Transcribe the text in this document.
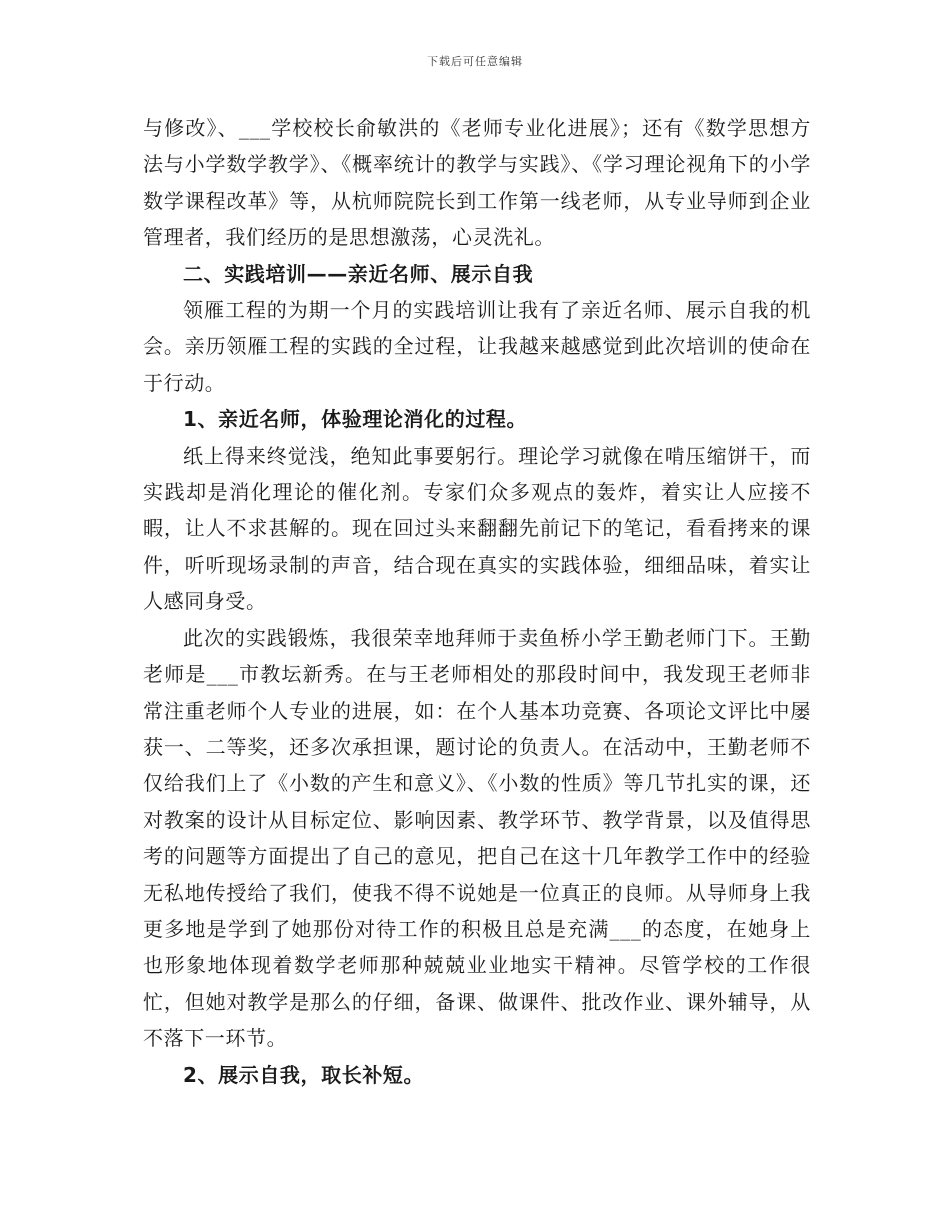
下载后可任意编辑

与修改》、___学校校长俞敏洪的《老师专业化进展》；还有《数学思想方法与小学数学教学》、《概率统计的教学与实践》、《学习理论视角下的小学数学课程改革》等，从杭师院院长到工作第一线老师，从专业导师到企业管理者，我们经历的是思想激荡，心灵洗礼。

二、实践培训——亲近名师、展示自我

领雁工程的为期一个月的实践培训让我有了亲近名师、展示自我的机会。亲历领雁工程的实践的全过程，让我越来越感觉到此次培训的使命在于行动。

1、亲近名师，体验理论消化的过程。

纸上得来终觉浅，绝知此事要躬行。理论学习就像在啃压缩饼干，而实践却是消化理论的催化剂。专家们众多观点的轰炸，着实让人应接不暇，让人不求甚解的。现在回过头来翻翻先前记下的笔记，看看拷来的课件，听听现场录制的声音，结合现在真实的实践体验，细细品味，着实让人感同身受。

此次的实践锻炼，我很荣幸地拜师于卖鱼桥小学王勤老师门下。王勤老师是___市教坛新秀。在与王老师相处的那段时间中，我发现王老师非常注重老师个人专业的进展，如：在个人基本功竞赛、各项论文评比中屡获一、二等奖，还多次承担课，题讨论的负责人。在活动中，王勤老师不仅给我们上了《小数的产生和意义》、《小数的性质》等几节扎实的课，还对教案的设计从目标定位、影响因素、教学环节、教学背景，以及值得思考的问题等方面提出了自己的意见，把自己在这十几年教学工作中的经验无私地传授给了我们，使我不得不说她是一位真正的良师。从导师身上我更多地是学到了她那份对待工作的积极且总是充满___的态度，在她身上也形象地体现着数学老师那种兢兢业业地实干精神。尽管学校的工作很忙，但她对教学是那么的仔细，备课、做课件、批改作业、课外辅导，从不落下一环节。

2、展示自我，取长补短。
